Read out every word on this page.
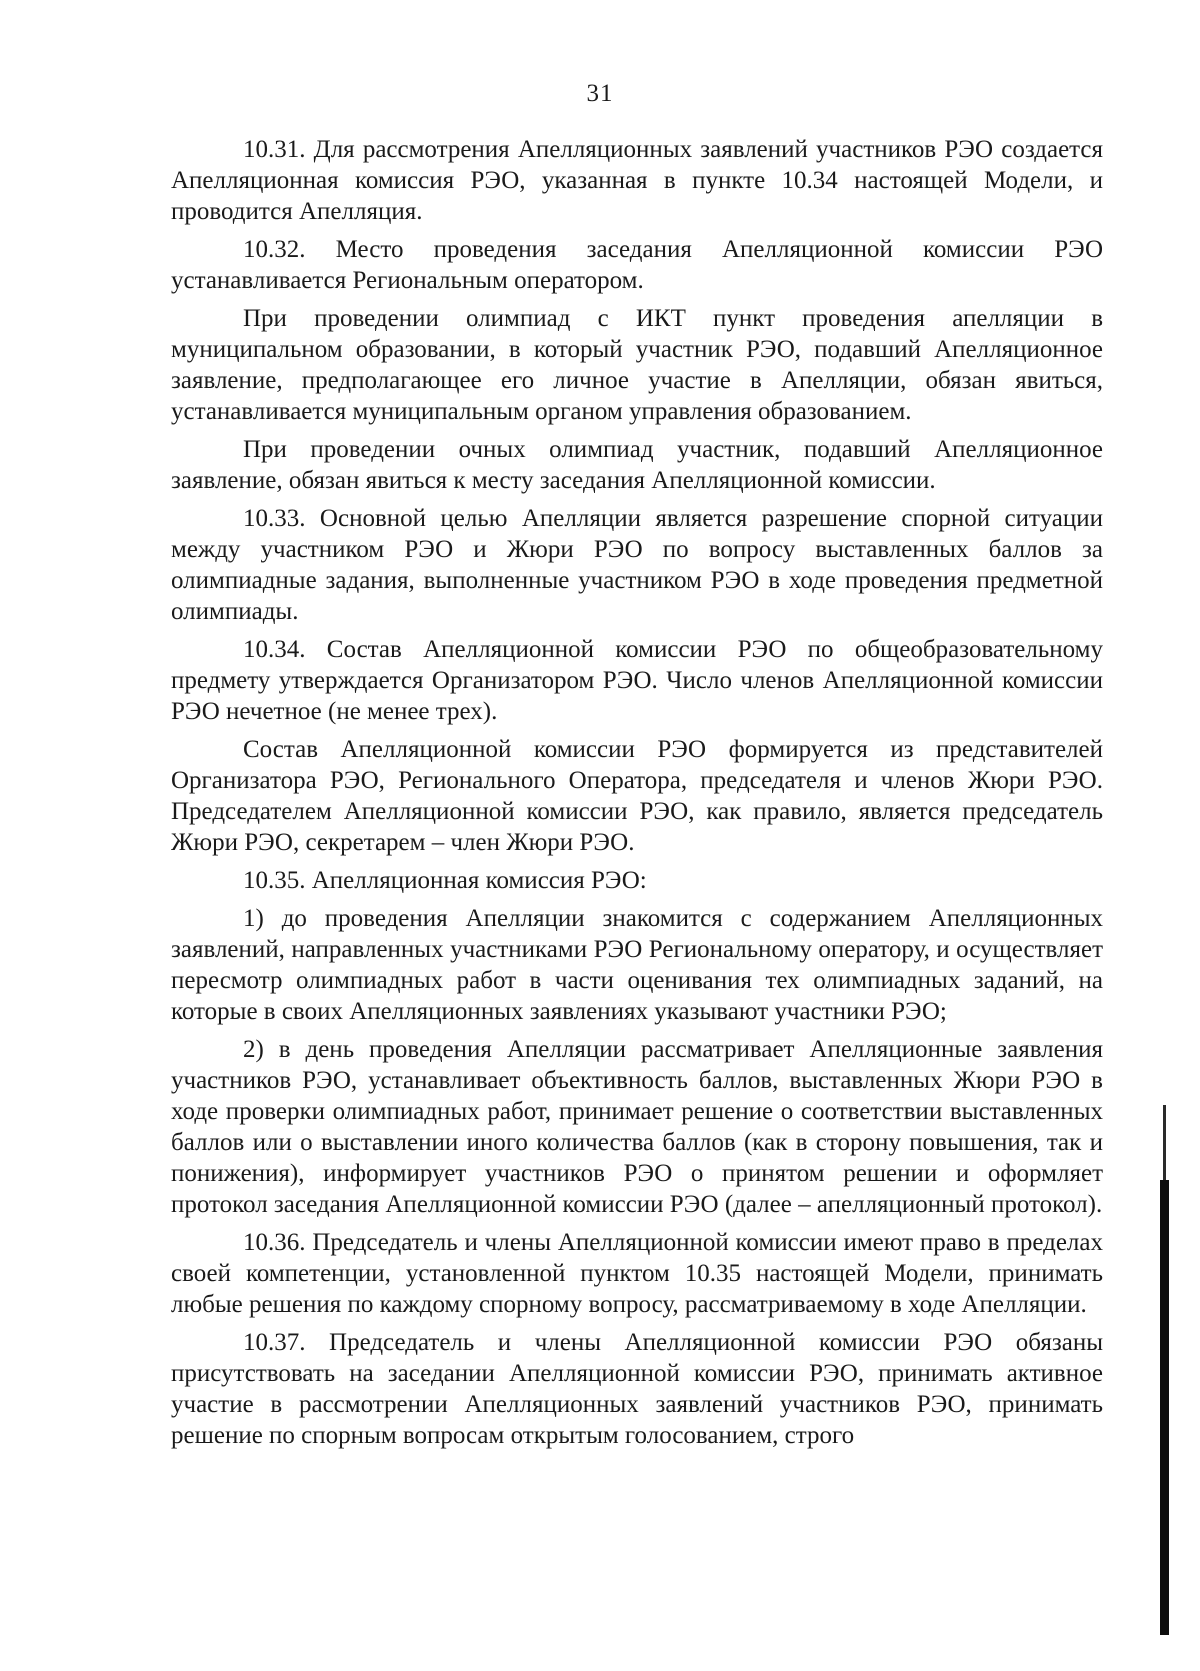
31

10.31. Для рассмотрения Апелляционных заявлений участников РЭО создается Апелляционная комиссия РЭО, указанная в пункте 10.34 настоящей Модели, и проводится Апелляция.

10.32. Место проведения заседания Апелляционной комиссии РЭО устанавливается Региональным оператором.

При проведении олимпиад с ИКТ пункт проведения апелляции в муниципальном образовании, в который участник РЭО, подавший Апелляционное заявление, предполагающее его личное участие в Апелляции, обязан явиться, устанавливается муниципальным органом управления образованием.

При проведении очных олимпиад участник, подавший Апелляционное заявление, обязан явиться к месту заседания Апелляционной комиссии.

10.33. Основной целью Апелляции является разрешение спорной ситуации между участником РЭО и Жюри РЭО по вопросу выставленных баллов за олимпиадные задания, выполненные участником РЭО в ходе проведения предметной олимпиады.

10.34. Состав Апелляционной комиссии РЭО по общеобразовательному предмету утверждается Организатором РЭО. Число членов Апелляционной комиссии РЭО нечетное (не менее трех).

Состав Апелляционной комиссии РЭО формируется из представителей Организатора РЭО, Регионального Оператора, председателя и членов Жюри РЭО. Председателем Апелляционной комиссии РЭО, как правило, является председатель Жюри РЭО, секретарем – член Жюри РЭО.

10.35. Апелляционная комиссия РЭО:

1) до проведения Апелляции знакомится с содержанием Апелляционных заявлений, направленных участниками РЭО Региональному оператору, и осуществляет пересмотр олимпиадных работ в части оценивания тех олимпиадных заданий, на которые в своих Апелляционных заявлениях указывают участники РЭО;

2) в день проведения Апелляции рассматривает Апелляционные заявления участников РЭО, устанавливает объективность баллов, выставленных Жюри РЭО в ходе проверки олимпиадных работ, принимает решение о соответствии выставленных баллов или о выставлении иного количества баллов (как в сторону повышения, так и понижения), информирует участников РЭО о принятом решении и оформляет протокол заседания Апелляционной комиссии РЭО (далее – апелляционный протокол).

10.36. Председатель и члены Апелляционной комиссии имеют право в пределах своей компетенции, установленной пунктом 10.35 настоящей Модели, принимать любые решения по каждому спорному вопросу, рассматриваемому в ходе Апелляции.

10.37. Председатель и члены Апелляционной комиссии РЭО обязаны присутствовать на заседании Апелляционной комиссии РЭО, принимать активное участие в рассмотрении Апелляционных заявлений участников РЭО, принимать решение по спорным вопросам открытым голосованием, строго
